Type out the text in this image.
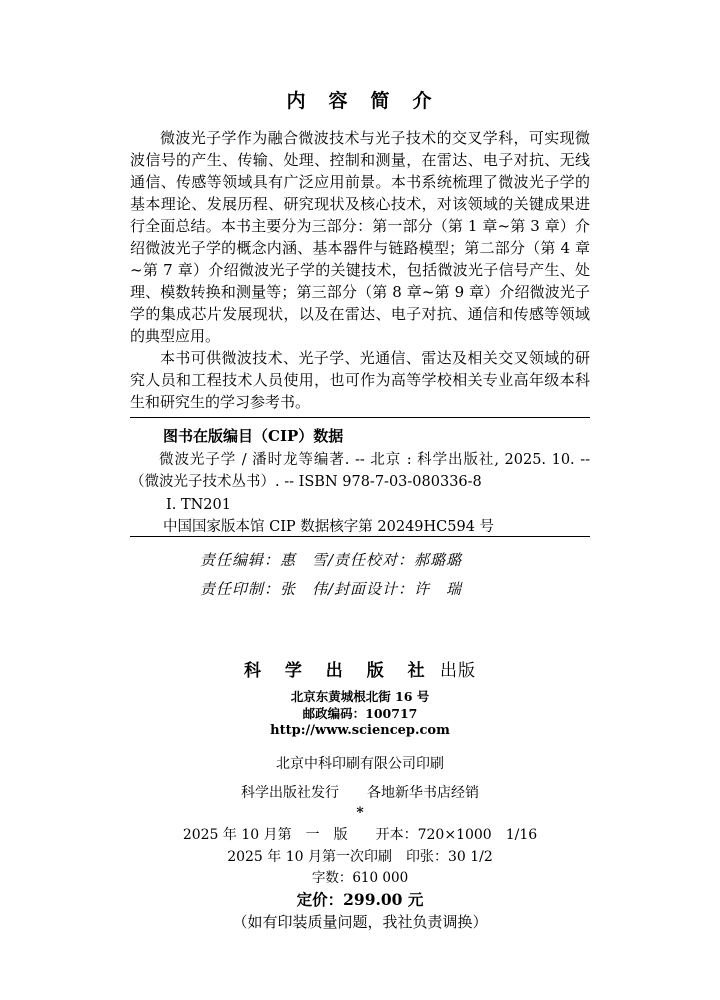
内　容　简　介

微波光子学作为融合微波技术与光子技术的交叉学科，可实现微波信号的产生、传输、处理、控制和测量，在雷达、电子对抗、无线通信、传感等领域具有广泛应用前景。本书系统梳理了微波光子学的基本理论、发展历程、研究现状及核心技术，对该领域的关键成果进行全面总结。本书主要分为三部分：第一部分（第 1 章~第 3 章）介绍微波光子学的概念内涵、基本器件与链路模型；第二部分（第 4 章~第 7 章）介绍微波光子学的关键技术，包括微波光子信号产生、处理、模数转换和测量等；第三部分（第 8 章~第 9 章）介绍微波光子学的集成芯片发展现状，以及在雷达、电子对抗、通信和传感等领域的典型应用。

本书可供微波技术、光子学、光通信、雷达及相关交叉领域的研究人员和工程技术人员使用，也可作为高等学校相关专业高年级本科生和研究生的学习参考书。

图书在版编目（CIP）数据

微波光子学 / 潘时龙等编著. -- 北京 : 科学出版社, 2025. 10. --（微波光子技术丛书）. -- ISBN 978-7-03-080336-8

Ⅰ. TN201

中国国家版本馆 CIP 数据核字第 20249HC594 号

责任编辑：惠　雪/责任校对：郝璐璐
责任印制：张　伟/封面设计：许　瑞
科 学 出 版 社 出版
北京东黄城根北街 16 号
邮政编码：100717
http://www.sciencep.com
北京中科印刷有限公司印刷
科学出版社发行　　各地新华书店经销
*
2025 年 10 月第　一　版　　开本：720×1000　1/16
2025 年 10 月第一次印刷　印张：30 1/2
字数：610 000
定价：299.00 元
（如有印装质量问题，我社负责调换）
